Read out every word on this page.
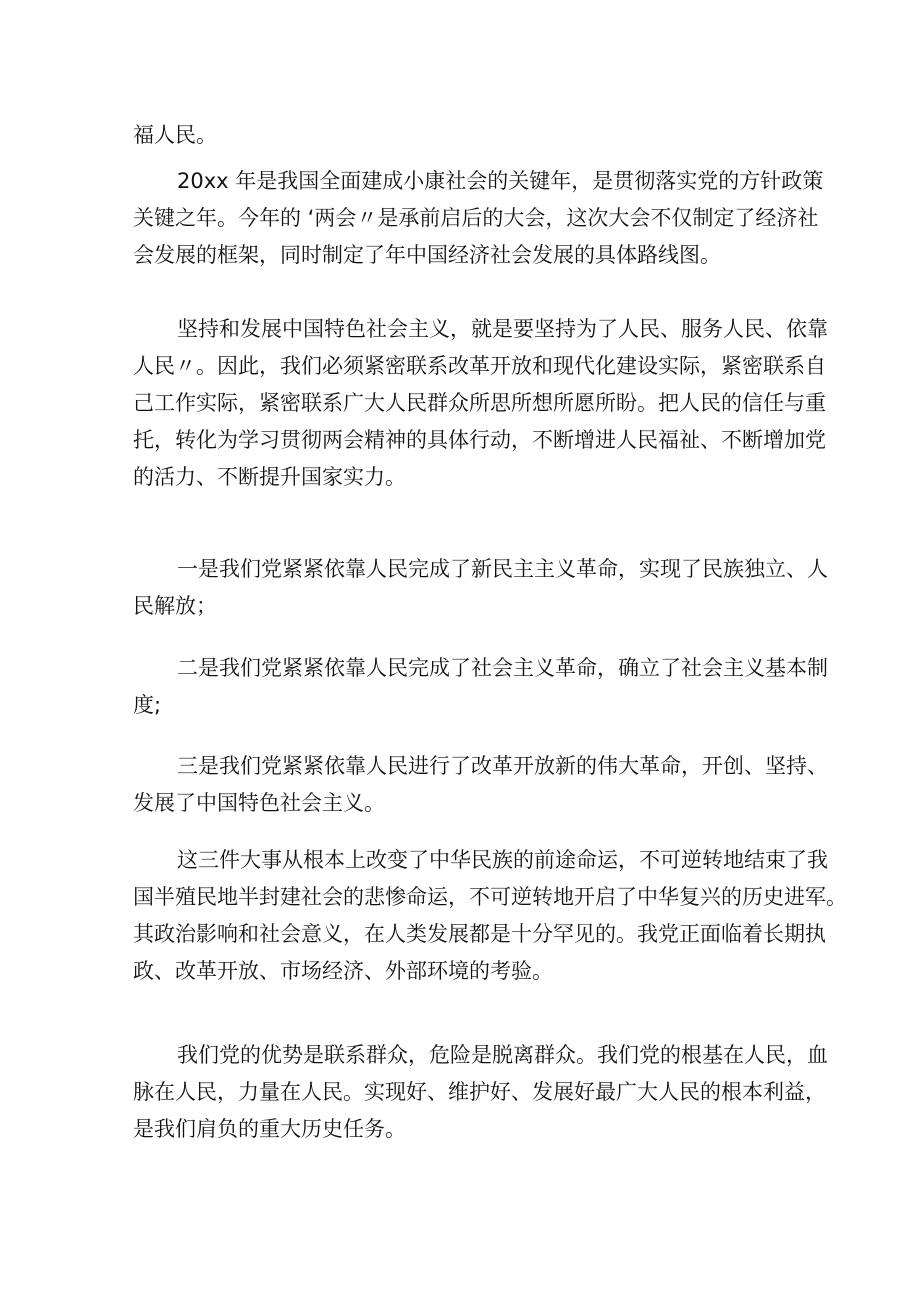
福人民。

20xx 年是我国全面建成小康社会的关键年，是贯彻落实党的方针政策
关键之年。今年的 ‘两会〃是承前启后的大会，这次大会不仅制定了经济社
会发展的框架，同时制定了年中国经济社会发展的具体路线图。

坚持和发展中国特色社会主义，就是要坚持为了人民、服务人民、依靠
人民〃。因此，我们必须紧密联系改革开放和现代化建设实际，紧密联系自
己工作实际，紧密联系广大人民群众所思所想所愿所盼。把人民的信任与重
托，转化为学习贯彻两会精神的具体行动，不断增进人民福祉、不断增加党
的活力、不断提升国家实力。

一是我们党紧紧依靠人民完成了新民主主义革命，实现了民族独立、人
民解放；

二是我们党紧紧依靠人民完成了社会主义革命，确立了社会主义基本制
度;

三是我们党紧紧依靠人民进行了改革开放新的伟大革命，开创、坚持、
发展了中国特色社会主义。

这三件大事从根本上改变了中华民族的前途命运，不可逆转地结束了我
国半殖民地半封建社会的悲惨命运，不可逆转地开启了中华复兴的历史进军。
其政治影响和社会意义，在人类发展都是十分罕见的。我党正面临着长期执
政、改革开放、市场经济、外部环境的考验。

我们党的优势是联系群众，危险是脱离群众。我们党的根基在人民，血
脉在人民，力量在人民。实现好、维护好、发展好最广大人民的根本利益，
是我们肩负的重大历史任务。
